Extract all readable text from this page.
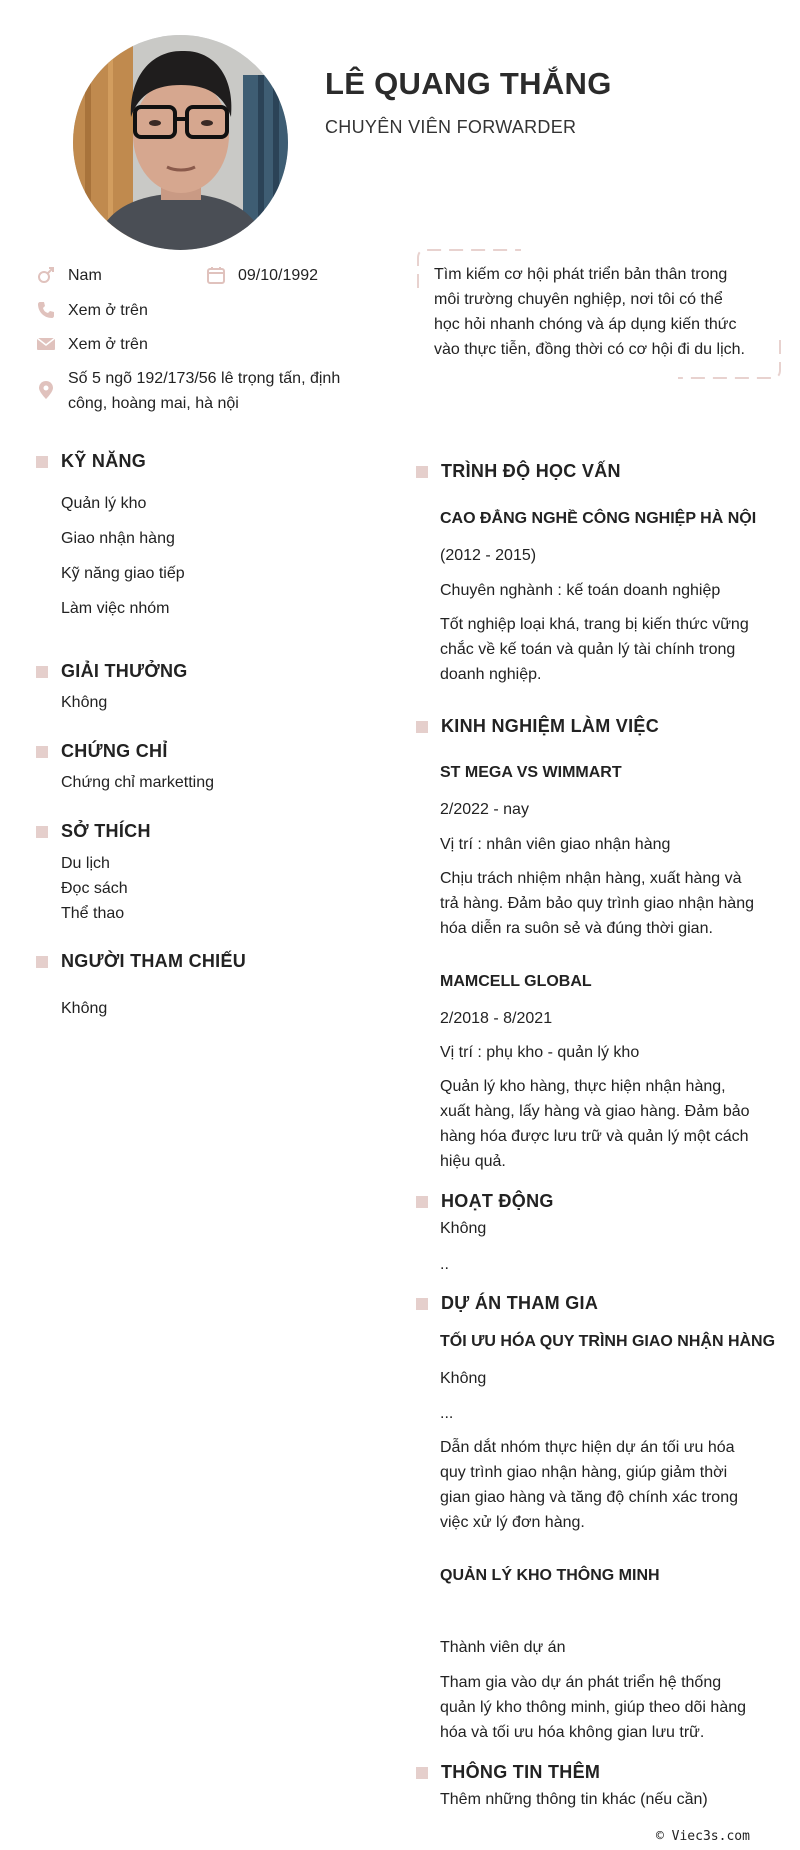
LÊ QUANG THẮNG
CHUYÊN VIÊN FORWARDER
Nam	09/10/1992
Xem ở trên
Xem ở trên
Số 5 ngõ 192/173/56 lê trọng tấn, định
công, hoàng mai, hà nội
Tìm kiếm cơ hội phát triển bản thân trong
môi trường chuyên nghiệp, nơi tôi có thể
học hỏi nhanh chóng và áp dụng kiến thức
vào thực tiễn, đồng thời có cơ hội đi du lịch.
KỸ NĂNG
Quản lý kho
Giao nhận hàng
Kỹ năng giao tiếp
Làm việc nhóm
GIẢI THƯỞNG
Không
CHỨNG CHỈ
Chứng chỉ marketting
SỞ THÍCH
Du lịch
Đọc sách
Thể thao
NGƯỜI THAM CHIẾU
Không
TRÌNH ĐỘ HỌC VẤN
CAO ĐẲNG NGHỀ CÔNG NGHIỆP HÀ NỘI
(2012 - 2015)
Chuyên nghành : kế toán doanh nghiệp
Tốt nghiệp loại khá, trang bị kiến thức vững
chắc về kế toán và quản lý tài chính trong
doanh nghiệp.
KINH NGHIỆM LÀM VIỆC
ST MEGA VS WIMMART
2/2022 - nay
Vị trí : nhân viên giao nhận hàng
Chịu trách nhiệm nhận hàng, xuất hàng và
trả hàng. Đảm bảo quy trình giao nhận hàng
hóa diễn ra suôn sẻ và đúng thời gian.
MAMCELL GLOBAL
2/2018 - 8/2021
Vị trí : phụ kho - quản lý kho
Quản lý kho hàng, thực hiện nhận hàng,
xuất hàng, lấy hàng và giao hàng. Đảm bảo
hàng hóa được lưu trữ và quản lý một cách
hiệu quả.
HOẠT ĐỘNG
Không
..
DỰ ÁN THAM GIA
TỐI ƯU HÓA QUY TRÌNH GIAO NHẬN HÀNG
Không
...
Dẫn dắt nhóm thực hiện dự án tối ưu hóa
quy trình giao nhận hàng, giúp giảm thời
gian giao hàng và tăng độ chính xác trong
việc xử lý đơn hàng.
QUẢN LÝ KHO THÔNG MINH
Thành viên dự án
Tham gia vào dự án phát triển hệ thống
quản lý kho thông minh, giúp theo dõi hàng
hóa và tối ưu hóa không gian lưu trữ.
THÔNG TIN THÊM
Thêm những thông tin khác (nếu cần)
© Viec3s.com
